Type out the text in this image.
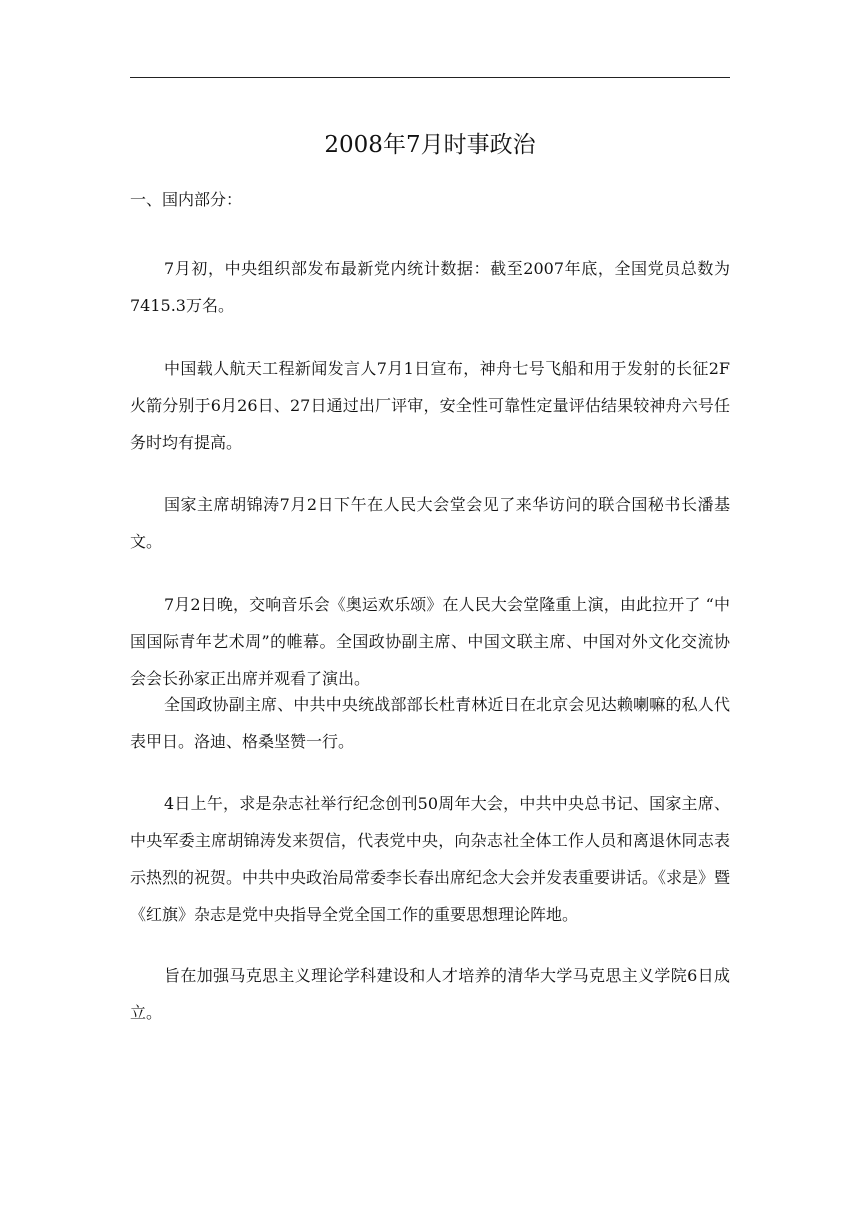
2008年7月时事政治
一、国内部分：

7月初，中央组织部发布最新党内统计数据：截至2007年底，全国党员总数为7415.3万名。

中国载人航天工程新闻发言人7月1日宣布，神舟七号飞船和用于发射的长征2F火箭分别于6月26日、27日通过出厂评审，安全性可靠性定量评估结果较神舟六号任务时均有提高。

国家主席胡锦涛7月2日下午在人民大会堂会见了来华访问的联合国秘书长潘基文。

7月2日晚，交响音乐会《奥运欢乐颂》在人民大会堂隆重上演，由此拉开了 “中国国际青年艺术周”的帷幕。全国政协副主席、中国文联主席、中国对外文化交流协会会长孙家正出席并观看了演出。

全国政协副主席、中共中央统战部部长杜青林近日在北京会见达赖喇嘛的私人代表甲日。洛迪、格桑坚赞一行。

4日上午，求是杂志社举行纪念创刊50周年大会，中共中央总书记、国家主席、中央军委主席胡锦涛发来贺信，代表党中央，向杂志社全体工作人员和离退休同志表示热烈的祝贺。中共中央政治局常委李长春出席纪念大会并发表重要讲话。《求是》暨《红旗》杂志是党中央指导全党全国工作的重要思想理论阵地。

旨在加强马克思主义理论学科建设和人才培养的清华大学马克思主义学院6日成立。
